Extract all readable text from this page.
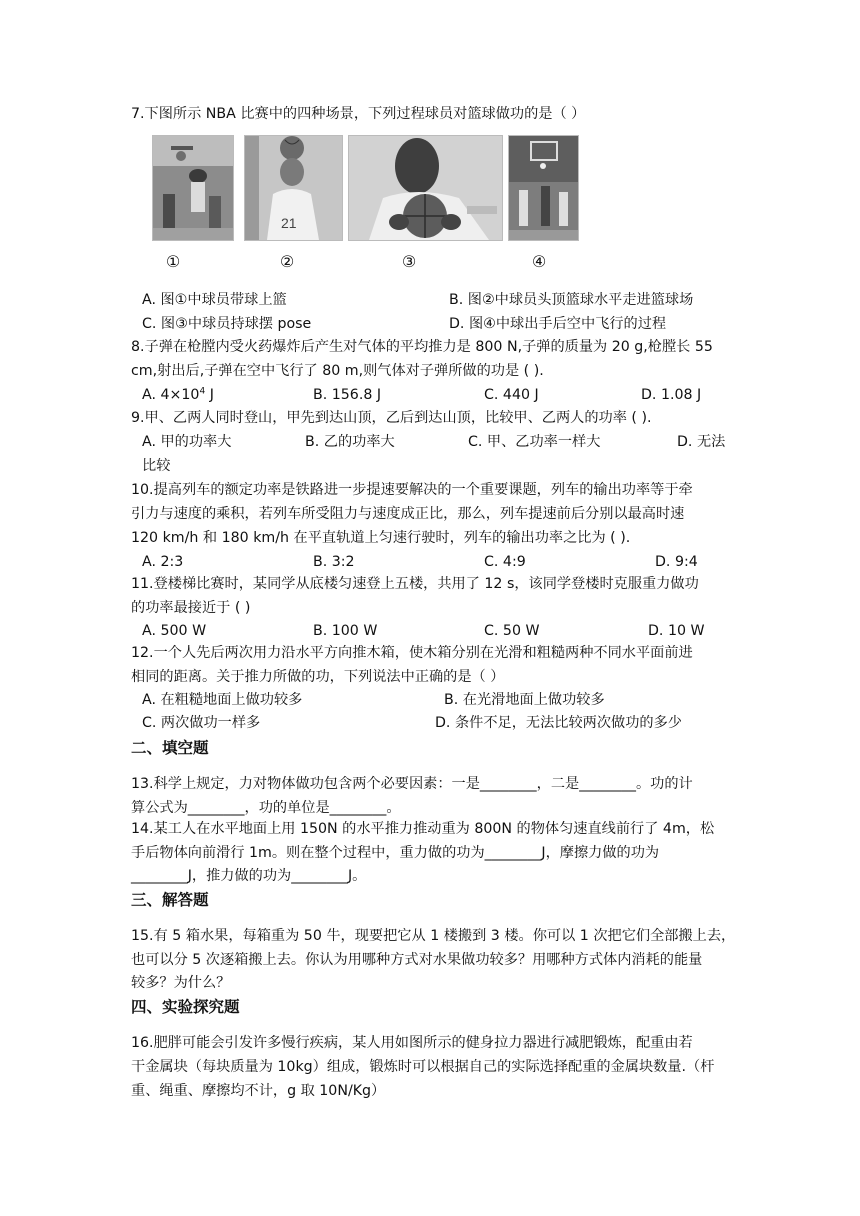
7.下图所示 NBA 比赛中的四种场景，下列过程球员对篮球做功的是（ ）
21
①	②	③	④
A. 图①中球员带球上篮	B. 图②中球员头顶篮球水平走进篮球场
C. 图③中球员持球摆 pose	D. 图④中球出手后空中飞行的过程
8.子弹在枪膛内受火药爆炸后产生对气体的平均推力是 800 N,子弹的质量为 20 g,枪膛长 55
cm,射出后,子弹在空中飞行了 80 m,则气体对子弹所做的功是 ( ).
A. $4\times 10^4$ J	B. 156.8 J	C. 440 J	D. 1.08 J
9.甲、乙两人同时登山，甲先到达山顶，乙后到达山顶，比较甲、乙两人的功率 ( ).
A. 甲的功率大	B. 乙的功率大	C. 甲、乙功率一样大	D. 无法
比较
10.提高列车的额定功率是铁路进一步提速要解决的一个重要课题，列车的输出功率等于牵
引力与速度的乘积，若列车所受阻力与速度成正比，那么，列车提速前后分别以最高时速
120 km/h 和 180 km/h 在平直轨道上匀速行驶时，列车的输出功率之比为 ( ).
A. 2:3	B. 3:2	C. 4:9	D. 9:4
11.登楼梯比赛时，某同学从底楼匀速登上五楼，共用了 12 s，该同学登楼时克服重力做功
的功率最接近于 ( )
A. 500 W	B. 100 W	C. 50 W	D. 10 W
12.一个人先后两次用力沿水平方向推木箱，使木箱分别在光滑和粗糙两种不同水平面前进
相同的距离。关于推力所做的功，下列说法中正确的是（ ）
A. 在粗糙地面上做功较多	B. 在光滑地面上做功较多
C. 两次做功一样多	D. 条件不足，无法比较两次做功的多少
二、填空题
13.科学上规定，力对物体做功包含两个必要因素：一是________，二是________。功的计
算公式为________，功的单位是________。
14.某工人在水平地面上用 150N 的水平推力推动重为 800N 的物体匀速直线前行了 4m，松
手后物体向前滑行 1m。则在整个过程中，重力做的功为________J，摩擦力做的功为
________J，推力做的功为________J。
三、解答题
15.有 5 箱水果，每箱重为 50 牛，现要把它从 1 楼搬到 3 楼。你可以 1 次把它们全部搬上去，
也可以分 5 次逐箱搬上去。你认为用哪种方式对水果做功较多？用哪种方式体内消耗的能量
较多？为什么？
四、实验探究题
16.肥胖可能会引发许多慢行疾病，某人用如图所示的健身拉力器进行减肥锻炼，配重由若
干金属块（每块质量为 10kg）组成，锻炼时可以根据自己的实际选择配重的金属块数量.（杆
重、绳重、摩擦均不计，g 取 10N/Kg）
